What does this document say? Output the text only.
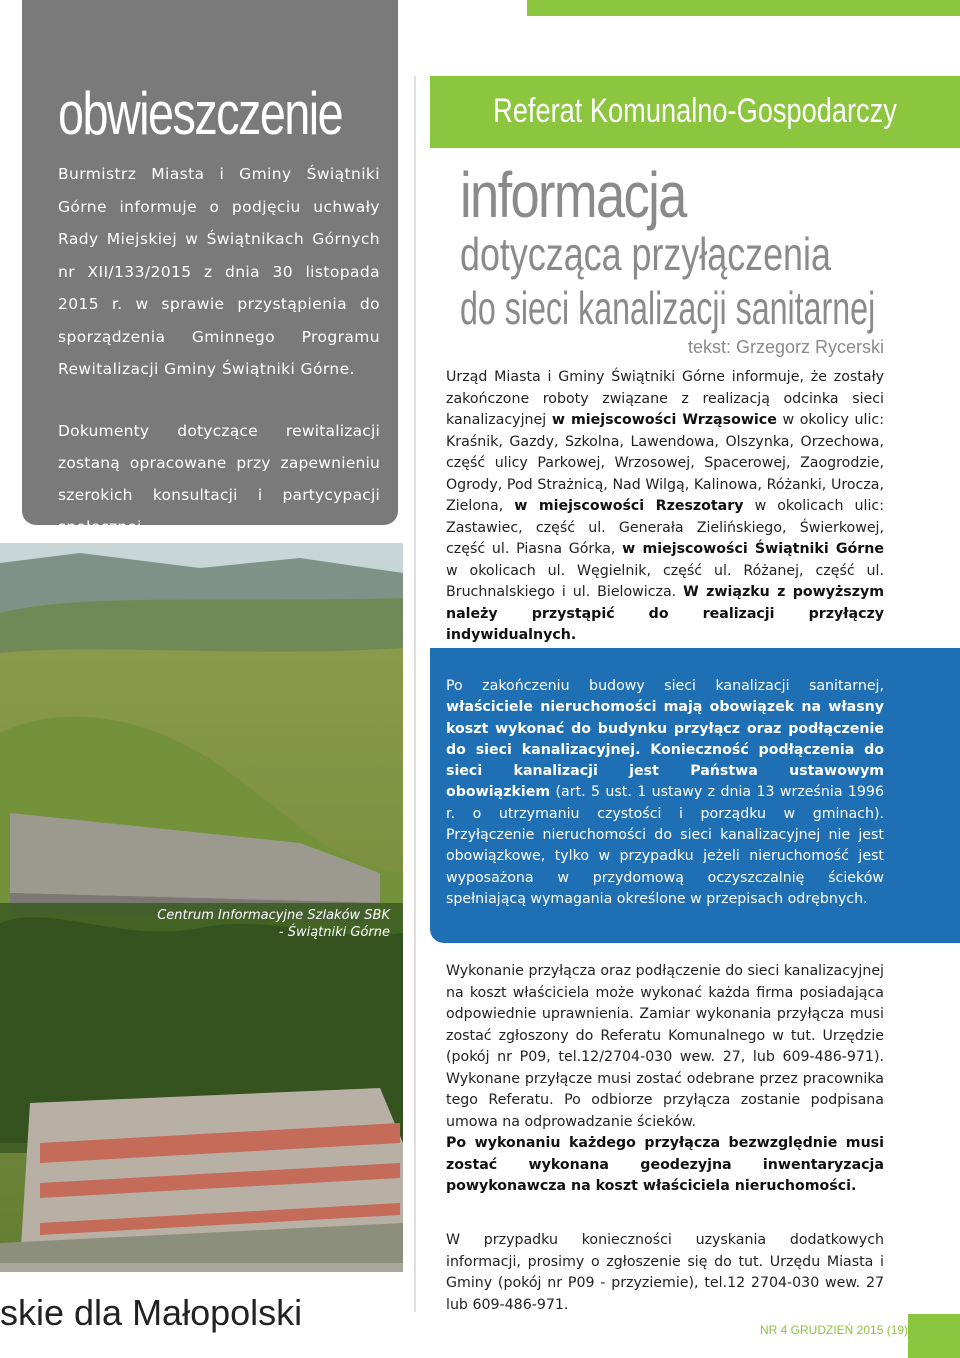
obwieszczenie
Burmistrz Miasta i Gminy Świątniki Górne informuje o podjęciu uchwały Rady Miejskiej w Świątnikach Górnych nr XII/133/2015 z dnia 30 listopada 2015 r. w sprawie przystąpienia do sporządzenia Gminnego Programu Rewitalizacji Gminy Świątniki Górne.
Dokumenty dotyczące rewitalizacji zostaną opracowane przy zapewnieniu szerokich konsultacji i partycypacji społecznej.
Centrum Informacyjne Szlaków SBK
- Świątniki Górne
skie dla Małopolski
Referat Komunalno-Gospodarczy
informacja
dotycząca przyłączenia
do sieci kanalizacji sanitarnej
tekst: Grzegorz Rycerski
Urząd Miasta i Gminy Świątniki Górne informuje, że zostały zakończone roboty związane z realizacją odcinka sieci kanalizacyjnej w miejscowości Wrząsowice w okolicy ulic: Kraśnik, Gazdy, Szkolna, Lawendowa, Olszynka, Orzechowa, część ulicy Parkowej, Wrzosowej, Spacerowej, Zaogrodzie, Ogrody, Pod Strażnicą, Nad Wilgą, Kalinowa, Różanki, Urocza, Zielona, w miejscowości Rzeszotary w okolicach ulic: Zastawiec, część ul. Generała Zielińskiego, Świerkowej, część ul. Piasna Górka, w miejscowości Świątniki Górne w okolicach ul. Węgielnik, część ul. Różanej, część ul. Bruchnalskiego i ul. Bielowicza. W związku z powyższym należy przystąpić do realizacji przyłączy indywidualnych.
Po zakończeniu budowy sieci kanalizacji sanitarnej, właściciele nieruchomości mają obowiązek na własny koszt wykonać do budynku przyłącz oraz podłączenie do sieci kanalizacyjnej. Konieczność podłączenia do sieci kanalizacji jest Państwa ustawowym obowiązkiem (art. 5 ust. 1 ustawy z dnia 13 września 1996 r. o utrzymaniu czystości i porządku w gminach). Przyłączenie nieruchomości do sieci kanalizacyjnej nie jest obowiązkowe, tylko w przypadku jeżeli nieruchomość jest wyposażona w przydomową oczyszczalnię ścieków spełniającą wymagania określone w przepisach odrębnych.
Wykonanie przyłącza oraz podłączenie do sieci kanalizacyjnej na koszt właściciela może wykonać każda firma posiadająca odpowiednie uprawnienia. Zamiar wykonania przyłącza musi zostać zgłoszony do Referatu Komunalnego w tut. Urzędzie (pokój nr P09, tel.12/2704-030 wew. 27, lub 609-486-971). Wykonane przyłącze musi zostać odebrane przez pracownika tego Referatu. Po odbiorze przyłącza zostanie podpisana umowa na odprowadzanie ścieków.
Po wykonaniu każdego przyłącza bezwzględnie musi zostać wykonana geodezyjna inwentaryzacja powykonawcza na koszt właściciela nieruchomości.
W przypadku konieczności uzyskania dodatkowych informacji, prosimy o zgłoszenie się do tut. Urzędu Miasta i Gminy (pokój nr P09 - przyziemie), tel.12 2704-030 wew. 27 lub 609-486-971.
NR 4 GRUDZIEŃ 2015 (19)
